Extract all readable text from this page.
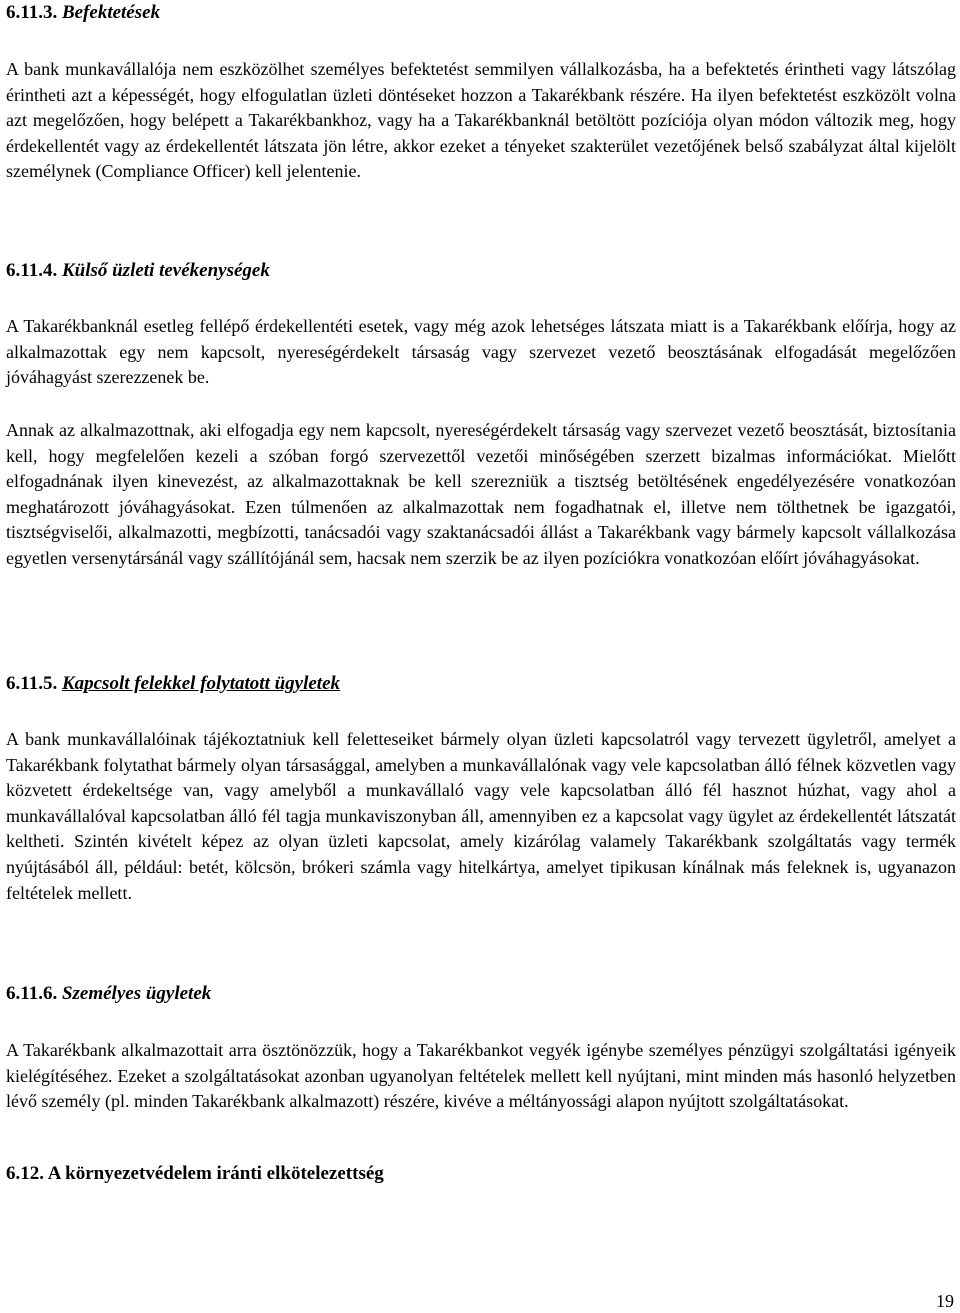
6.11.3. Befektetések

A bank munkavállalója nem eszközölhet személyes befektetést semmilyen vállalkozásba, ha a befektetés érintheti vagy látszólag érintheti azt a képességét, hogy elfogulatlan üzleti döntéseket hozzon a Takarékbank részére. Ha ilyen befektetést eszközölt volna azt megelőzően, hogy belépett a Takarékbankhoz, vagy ha a Takarékbanknál betöltött pozíciója olyan módon változik meg, hogy érdekellentét vagy az érdekellentét látszata jön létre, akkor ezeket a tényeket szakterület vezetőjének belső szabályzat által kijelölt személynek (Compliance Officer) kell jelentenie.

6.11.4. Külső üzleti tevékenységek

A Takarékbanknál esetleg fellépő érdekellentéti esetek, vagy még azok lehetséges látszata miatt is a Takarékbank előírja, hogy az alkalmazottak egy nem kapcsolt, nyereségérdekelt társaság vagy szervezet vezető beosztásának elfogadását megelőzően jóváhagyást szerezzenek be.

Annak az alkalmazottnak, aki elfogadja egy nem kapcsolt, nyereségérdekelt társaság vagy szervezet vezető beosztását, biztosítania kell, hogy megfelelően kezeli a szóban forgó szervezettől vezetői minőségében szerzett bizalmas információkat. Mielőtt elfogadnának ilyen kinevezést, az alkalmazottaknak be kell szerezniük a tisztség betöltésének engedélyezésére vonatkozóan meghatározott jóváhagyásokat. Ezen túlmenően az alkalmazottak nem fogadhatnak el, illetve nem tölthetnek be igazgatói, tisztségviselői, alkalmazotti, megbízotti, tanácsadói vagy szaktanácsadói állást a Takarékbank vagy bármely kapcsolt vállalkozása egyetlen versenytársánál vagy szállítójánál sem, hacsak nem szerzik be az ilyen pozíciókra vonatkozóan előírt jóváhagyásokat.

6.11.5. Kapcsolt felekkel folytatott ügyletek

A bank munkavállalóinak tájékoztatniuk kell feletteseiket bármely olyan üzleti kapcsolatról vagy tervezett ügyletről, amelyet a Takarékbank folytathat bármely olyan társasággal, amelyben a munkavállalónak vagy vele kapcsolatban álló félnek közvetlen vagy közvetett érdekeltsége van, vagy amelyből a munkavállaló vagy vele kapcsolatban álló fél hasznot húzhat, vagy ahol a munkavállalóval kapcsolatban álló fél tagja munkaviszonyban áll, amennyiben ez a kapcsolat vagy ügylet az érdekellentét látszatát keltheti. Szintén kivételt képez az olyan üzleti kapcsolat, amely kizárólag valamely Takarékbank szolgáltatás vagy termék nyújtásából áll, például: betét, kölcsön, brókeri számla vagy hitelkártya, amelyet tipikusan kínálnak más feleknek is, ugyanazon feltételek mellett.

6.11.6. Személyes ügyletek

A Takarékbank alkalmazottait arra ösztönözzük, hogy a Takarékbankot vegyék igénybe személyes pénzügyi szolgáltatási igényeik kielégítéséhez. Ezeket a szolgáltatásokat azonban ugyanolyan feltételek mellett kell nyújtani, mint minden más hasonló helyzetben lévő személy (pl. minden Takarékbank alkalmazott) részére, kivéve a méltányossági alapon nyújtott szolgáltatásokat.

6.12. A környezetvédelem iránti elkötelezettség

19
